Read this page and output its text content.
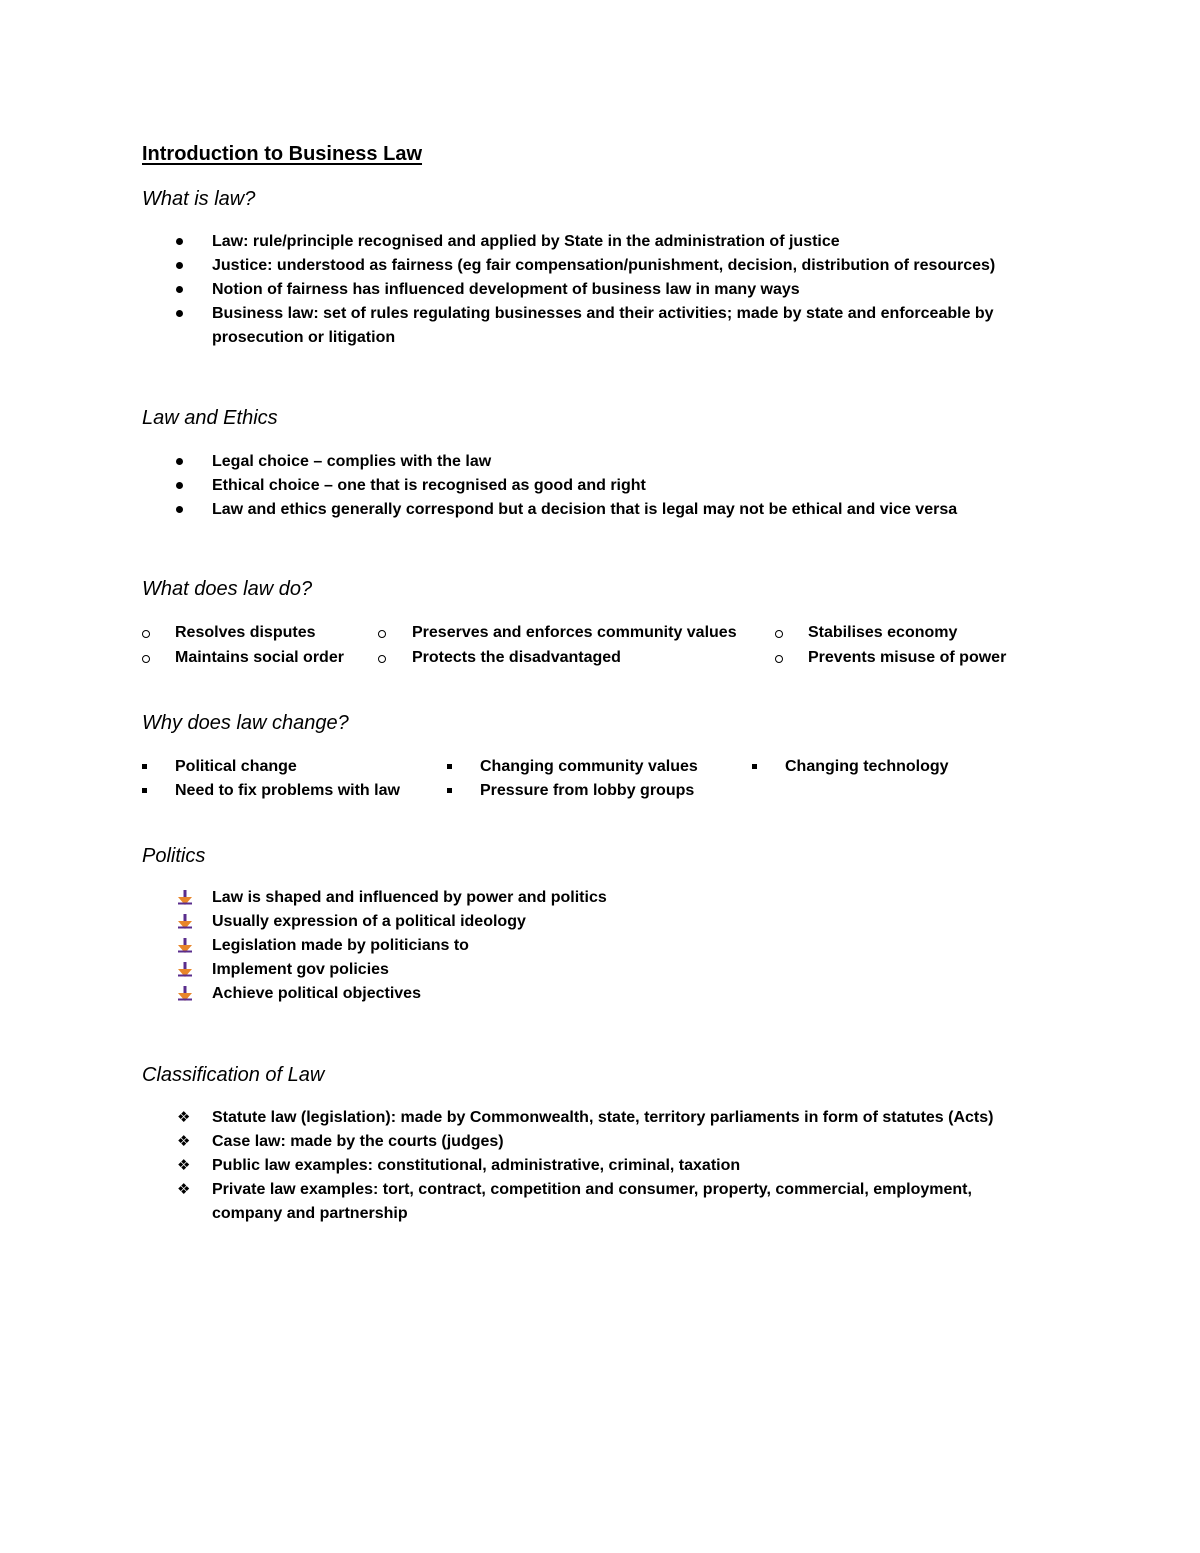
Introduction to Business Law
What is law?
Law: rule/principle recognised and applied by State in the administration of justice
Justice: understood as fairness (eg fair compensation/punishment, decision, distribution of resources)
Notion of fairness has influenced development of business law in many ways
Business law: set of rules regulating businesses and their activities; made by state and enforceable by
prosecution or litigation
Law and Ethics
Legal choice – complies with the law
Ethical choice – one that is recognised as good and right
Law and ethics generally correspond but a decision that is legal may not be ethical and vice versa
What does law do?
Resolves disputes	Preserves and enforces community values	Stabilises economy
Maintains social order	Protects the disadvantaged	Prevents misuse of power
Why does law change?
Political change	Changing community values	Changing technology
Need to fix problems with law	Pressure from lobby groups
Politics
Law is shaped and influenced by power and politics
Usually expression of a political ideology
Legislation made by politicians to
Implement gov policies
Achieve political objectives
Classification of Law
❖ Statute law (legislation): made by Commonwealth, state, territory parliaments in form of statutes (Acts)
❖ Case law: made by the courts (judges)
❖ Public law examples: constitutional, administrative, criminal, taxation
❖ Private law examples: tort, contract, competition and consumer, property, commercial, employment,
company and partnership
